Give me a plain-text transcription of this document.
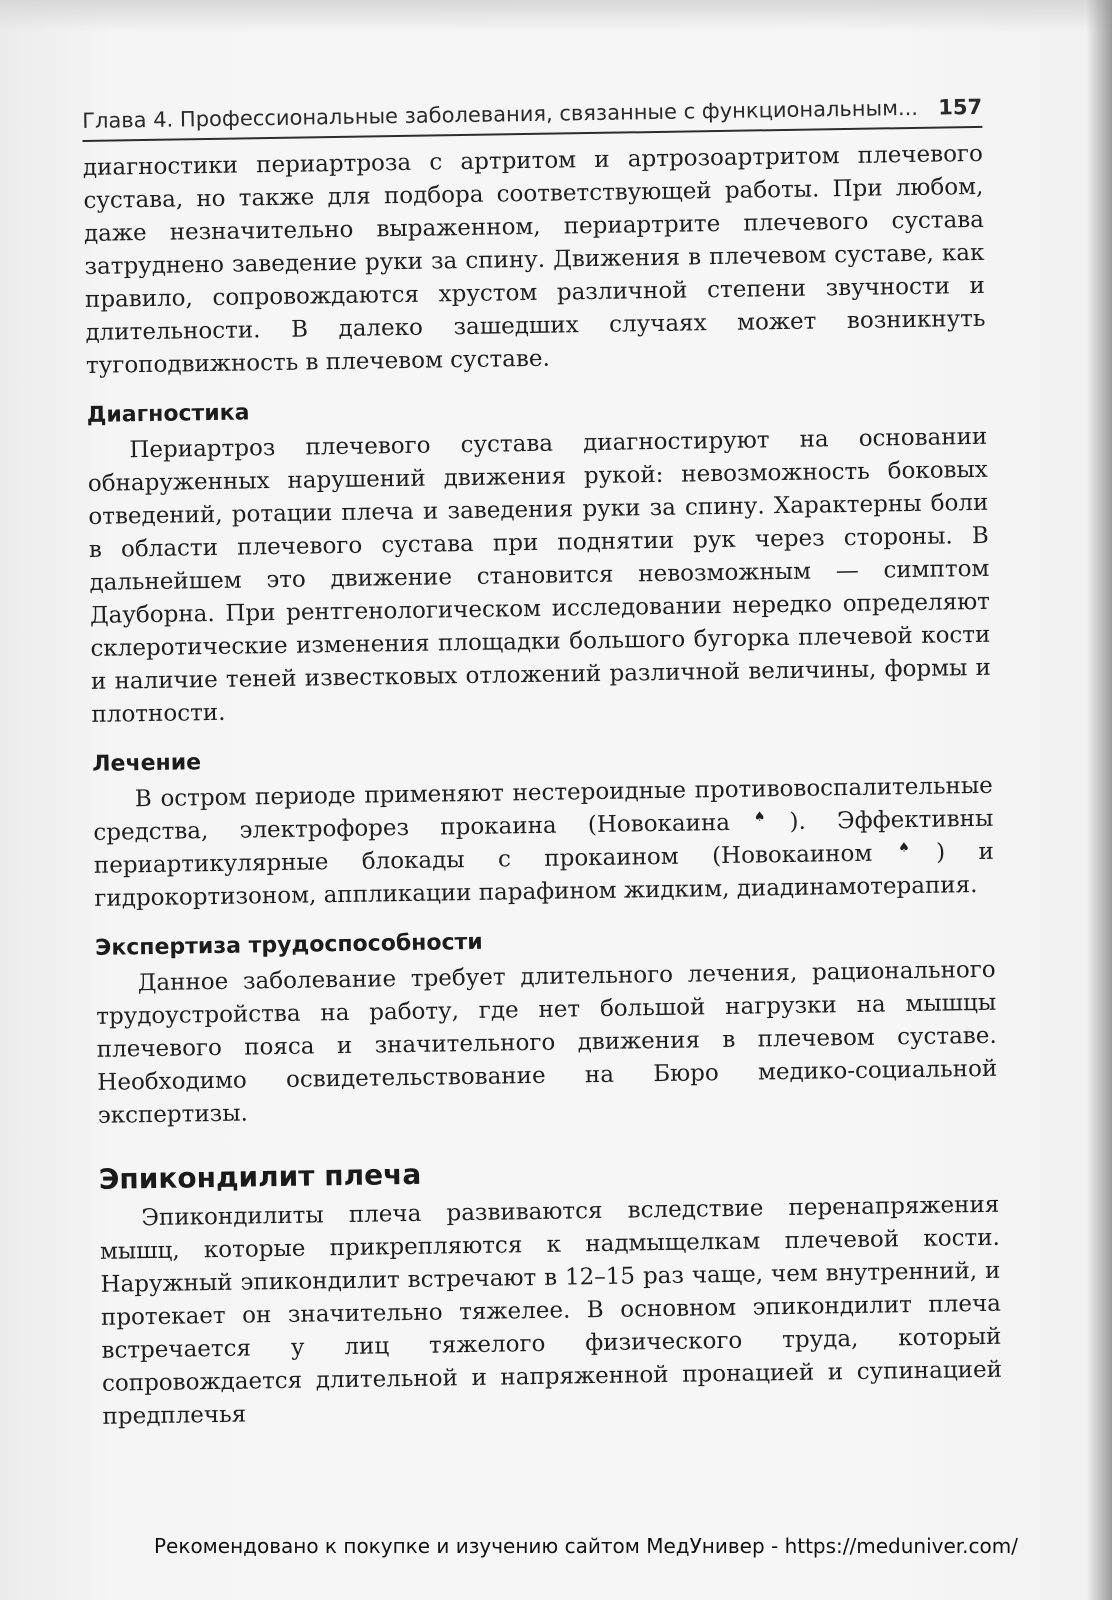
Глава 4. Профессиональные заболевания, связанные с функциональным... 157

диагностики периартроза с артритом и артрозоартритом плечевого сустава, но также для подбора соответствующей работы. При любом, даже незначительно выраженном, периартрите плечевого сустава затруднено заведение руки за спину. Движения в плечевом суставе, как правило, сопровождаются хрустом различной степени звучности и длительности. В далеко зашедших случаях может возникнуть тугоподвижность в плечевом суставе.

Диагностика

Периартроз плечевого сустава диагностируют на основании обнаруженных нарушений движения рукой: невозможность боковых отведений, ротации плеча и заведения руки за спину. Характерны боли в области плечевого сустава при поднятии рук через стороны. В дальнейшем это движение становится невозможным — симптом Дауборна. При рентгенологическом исследовании нередко определяют склеротические изменения площадки большого бугорка плечевой кости и наличие теней известковых отложений различной величины, формы и плотности.

Лечение

В остром периоде применяют нестероидные противовоспалительные средства, электрофорез прокаина (Новокаина♠). Эффективны периартикулярные блокады с прокаином (Новокаином♠) и гидрокортизоном, аппликации парафином жидким, диадинамотерапия.

Экспертиза трудоспособности

Данное заболевание требует длительного лечения, рационального трудоустройства на работу, где нет большой нагрузки на мышцы плечевого пояса и значительного движения в плечевом суставе. Необходимо освидетельствование на Бюро медико-социальной экспертизы.

Эпикондилит плеча

Эпикондилиты плеча развиваются вследствие перенапряжения мышц, которые прикрепляются к надмыщелкам плечевой кости. Наружный эпикондилит встречают в 12–15 раз чаще, чем внутренний, и протекает он значительно тяжелее. В основном эпикондилит плеча встречается у лиц тяжелого физического труда, который сопровождается длительной и напряженной пронацией и супинацией предплечья

Рекомендовано к покупке и изучению сайтом МедУнивер - https://meduniver.com/
